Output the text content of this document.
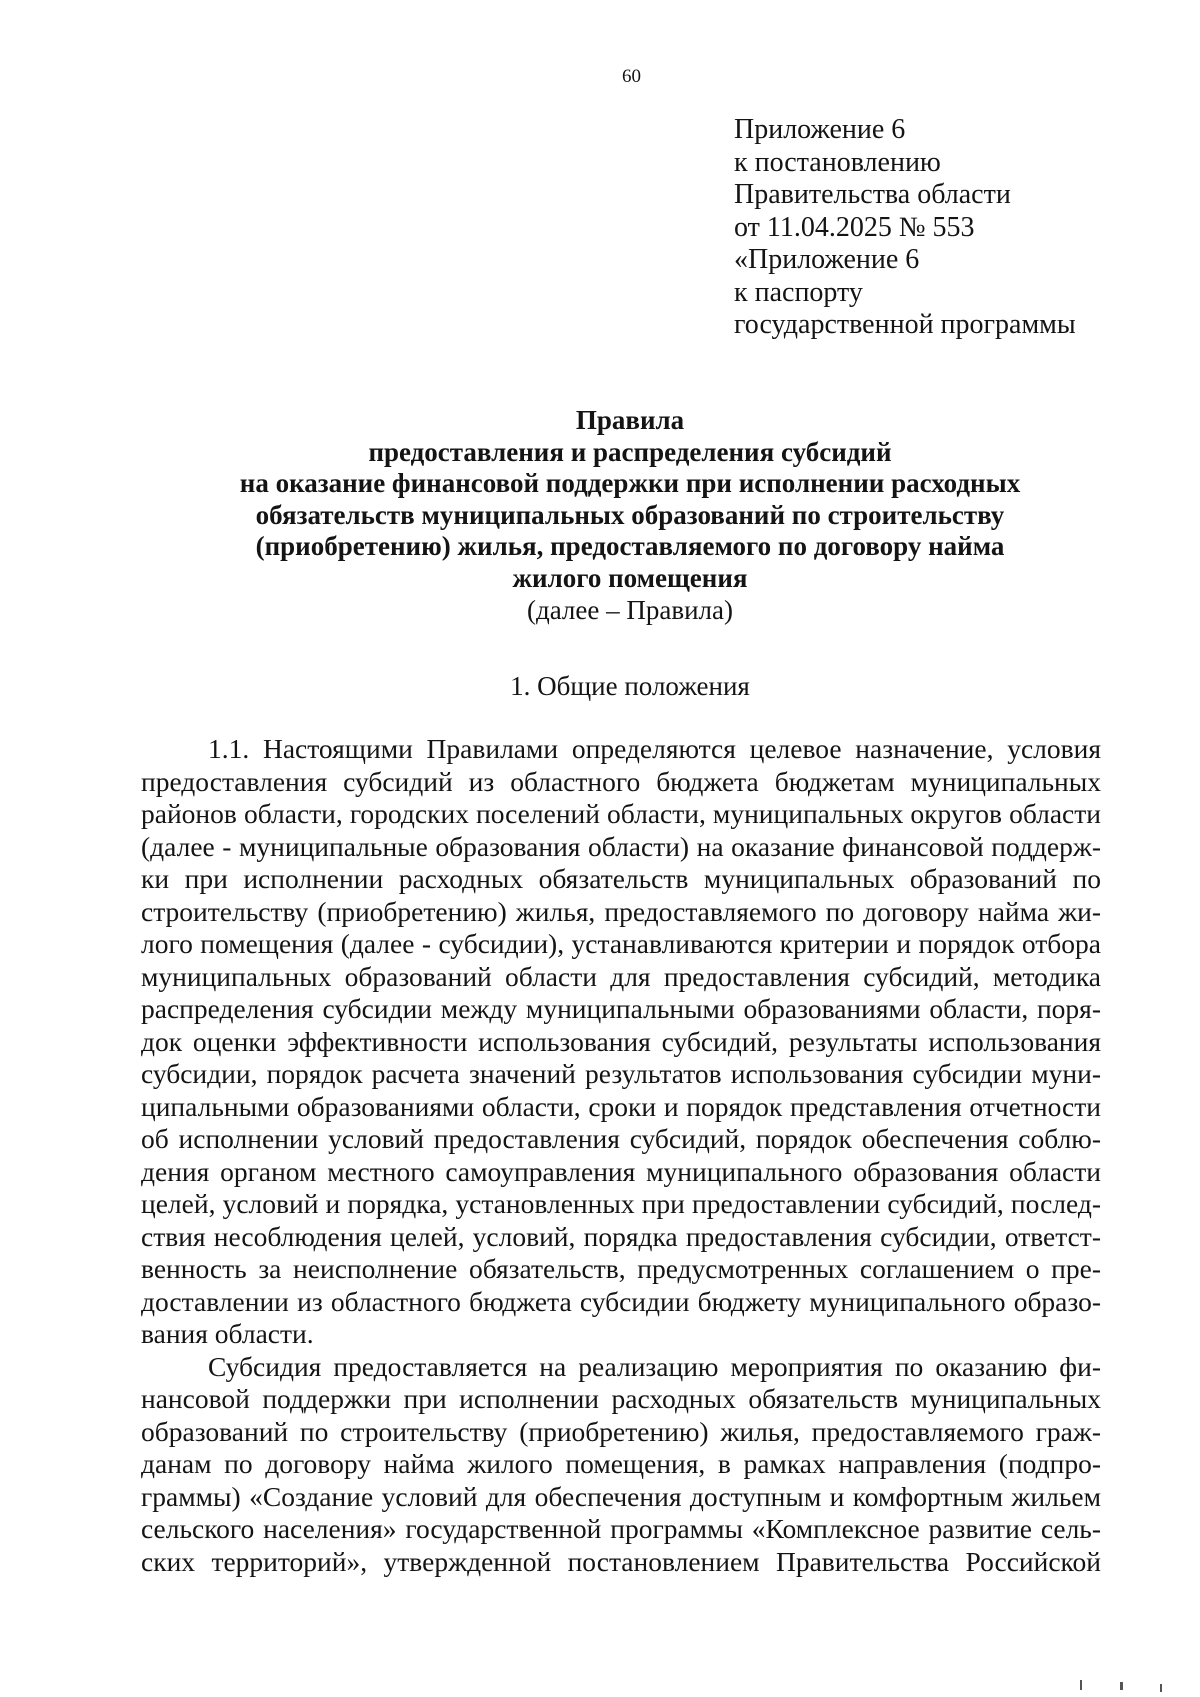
60
Приложение 6
к постановлению
Правительства области
от 11.04.2025 № 553
«Приложение 6
к паспорту
государственной программы
Правила
предоставления и распределения субсидий
на оказание финансовой поддержки при исполнении расходных
обязательств муниципальных образований по строительству
(приобретению) жилья, предоставляемого по договору найма
жилого помещения
(далее – Правила)
1. Общие положения
1.1. Настоящими Правилами определяются целевое назначение, условия
предоставления субсидий из областного бюджета бюджетам муниципальных
районов области, городских поселений области, муниципальных округов области
(далее - муниципальные образования области) на оказание финансовой поддерж-
ки при исполнении расходных обязательств муниципальных образований по
строительству (приобретению) жилья, предоставляемого по договору найма жи-
лого помещения (далее - субсидии), устанавливаются критерии и порядок отбора
муниципальных образований области для предоставления субсидий, методика
распределения субсидии между муниципальными образованиями области, поря-
док оценки эффективности использования субсидий, результаты использования
субсидии, порядок расчета значений результатов использования субсидии муни-
ципальными образованиями области, сроки и порядок представления отчетности
об исполнении условий предоставления субсидий, порядок обеспечения соблю-
дения органом местного самоуправления муниципального образования области
целей, условий и порядка, установленных при предоставлении субсидий, послед-
ствия несоблюдения целей, условий, порядка предоставления субсидии, ответст-
венность за неисполнение обязательств, предусмотренных соглашением о пре-
доставлении из областного бюджета субсидии бюджету муниципального образо-
вания области.
Субсидия предоставляется на реализацию мероприятия по оказанию фи-
нансовой поддержки при исполнении расходных обязательств муниципальных
образований по строительству (приобретению) жилья, предоставляемого граж-
данам по договору найма жилого помещения, в рамках направления (подпро-
граммы) «Создание условий для обеспечения доступным и комфортным жильем
сельского населения» государственной программы «Комплексное развитие сель-
ских территорий», утвержденной постановлением Правительства Российской
